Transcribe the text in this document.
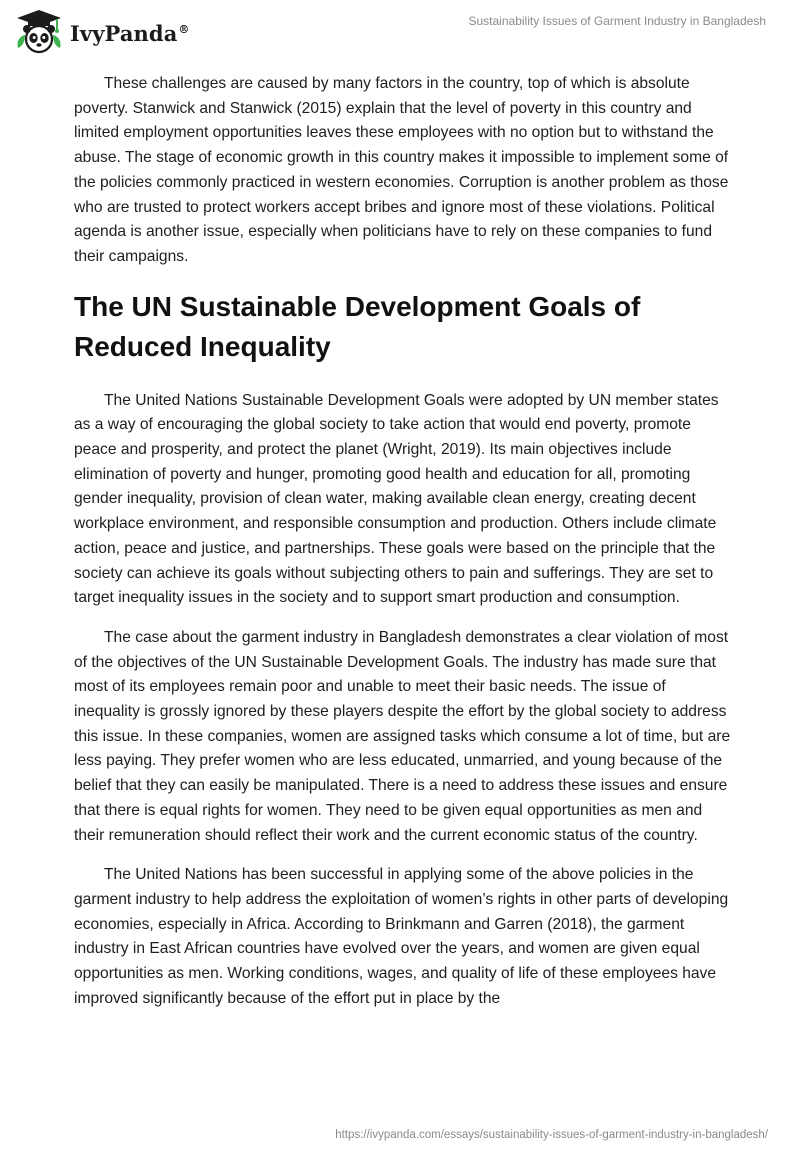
IvyPanda®
Sustainability Issues of Garment Industry in Bangladesh

These challenges are caused by many factors in the country, top of which is absolute poverty. Stanwick and Stanwick (2015) explain that the level of poverty in this country and limited employment opportunities leaves these employees with no option but to withstand the abuse. The stage of economic growth in this country makes it impossible to implement some of the policies commonly practiced in western economies. Corruption is another problem as those who are trusted to protect workers accept bribes and ignore most of these violations. Political agenda is another issue, especially when politicians have to rely on these companies to fund their campaigns.

The UN Sustainable Development Goals of Reduced Inequality

The United Nations Sustainable Development Goals were adopted by UN member states as a way of encouraging the global society to take action that would end poverty, promote peace and prosperity, and protect the planet (Wright, 2019). Its main objectives include elimination of poverty and hunger, promoting good health and education for all, promoting gender inequality, provision of clean water, making available clean energy, creating decent workplace environment, and responsible consumption and production. Others include climate action, peace and justice, and partnerships. These goals were based on the principle that the society can achieve its goals without subjecting others to pain and sufferings. They are set to target inequality issues in the society and to support smart production and consumption.

The case about the garment industry in Bangladesh demonstrates a clear violation of most of the objectives of the UN Sustainable Development Goals. The industry has made sure that most of its employees remain poor and unable to meet their basic needs. The issue of inequality is grossly ignored by these players despite the effort by the global society to address this issue. In these companies, women are assigned tasks which consume a lot of time, but are less paying. They prefer women who are less educated, unmarried, and young because of the belief that they can easily be manipulated. There is a need to address these issues and ensure that there is equal rights for women. They need to be given equal opportunities as men and their remuneration should reflect their work and the current economic status of the country.

The United Nations has been successful in applying some of the above policies in the garment industry to help address the exploitation of women’s rights in other parts of developing economies, especially in Africa. According to Brinkmann and Garren (2018), the garment industry in East African countries have evolved over the years, and women are given equal opportunities as men. Working conditions, wages, and quality of life of these employees have improved significantly because of the effort put in place by the

https://ivypanda.com/essays/sustainability-issues-of-garment-industry-in-bangladesh/
